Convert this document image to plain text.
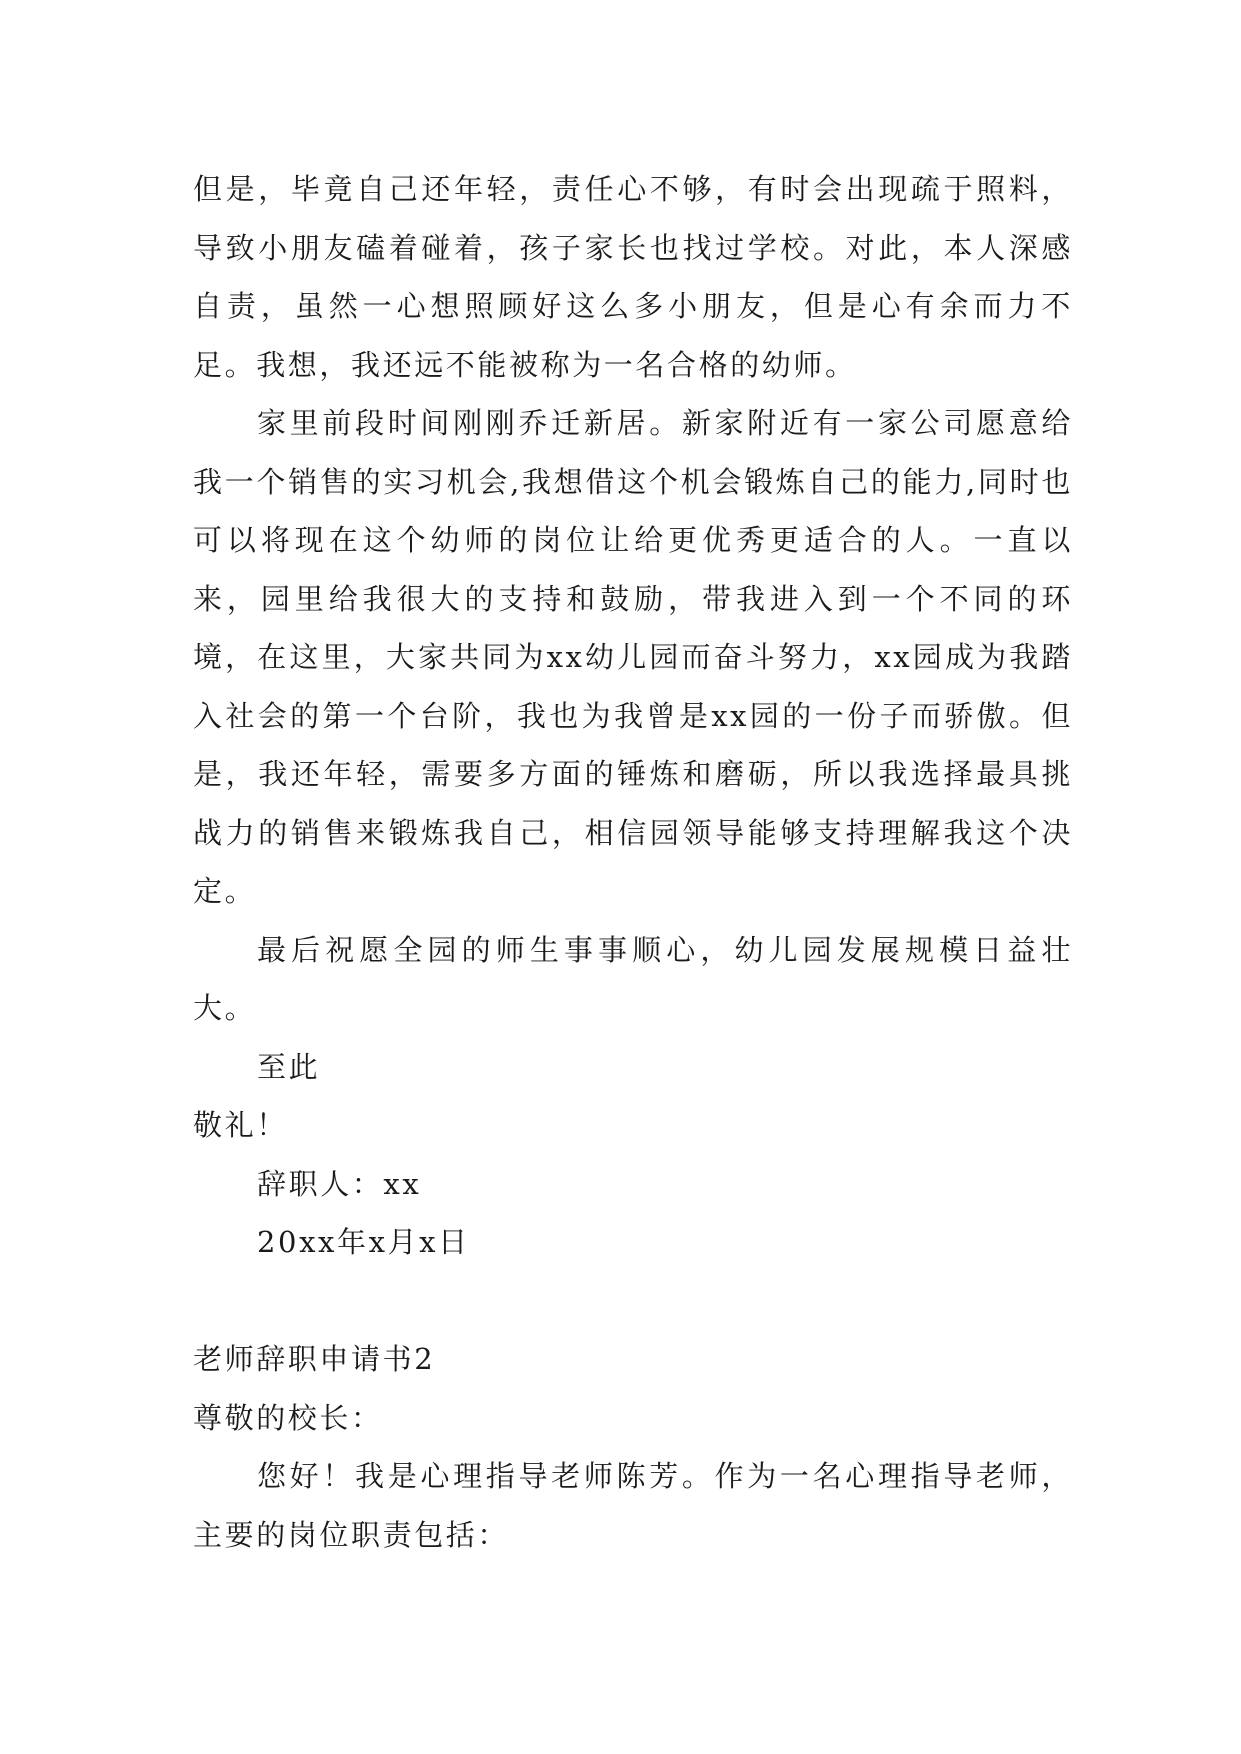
但是，毕竟自己还年轻，责任心不够，有时会出现疏于照料，导致小朋友磕着碰着，孩子家长也找过学校。对此，本人深感自责，虽然一心想照顾好这么多小朋友，但是心有余而力不足。我想，我还远不能被称为一名合格的幼师。

家里前段时间刚刚乔迁新居。新家附近有一家公司愿意给我一个销售的实习机会,我想借这个机会锻炼自己的能力,同时也可以将现在这个幼师的岗位让给更优秀更适合的人。一直以来，园里给我很大的支持和鼓励，带我进入到一个不同的环境，在这里，大家共同为xx幼儿园而奋斗努力，xx园成为我踏入社会的第一个台阶，我也为我曾是xx园的一份子而骄傲。但是，我还年轻，需要多方面的锤炼和磨砺，所以我选择最具挑战力的销售来锻炼我自己，相信园领导能够支持理解我这个决定。

最后祝愿全园的师生事事顺心，幼儿园发展规模日益壮大。

至此

敬礼！

辞职人：xx

20xx年x月x日

老师辞职申请书2

尊敬的校长：

您好！我是心理指导老师陈芳。作为一名心理指导老师，主要的岗位职责包括：
